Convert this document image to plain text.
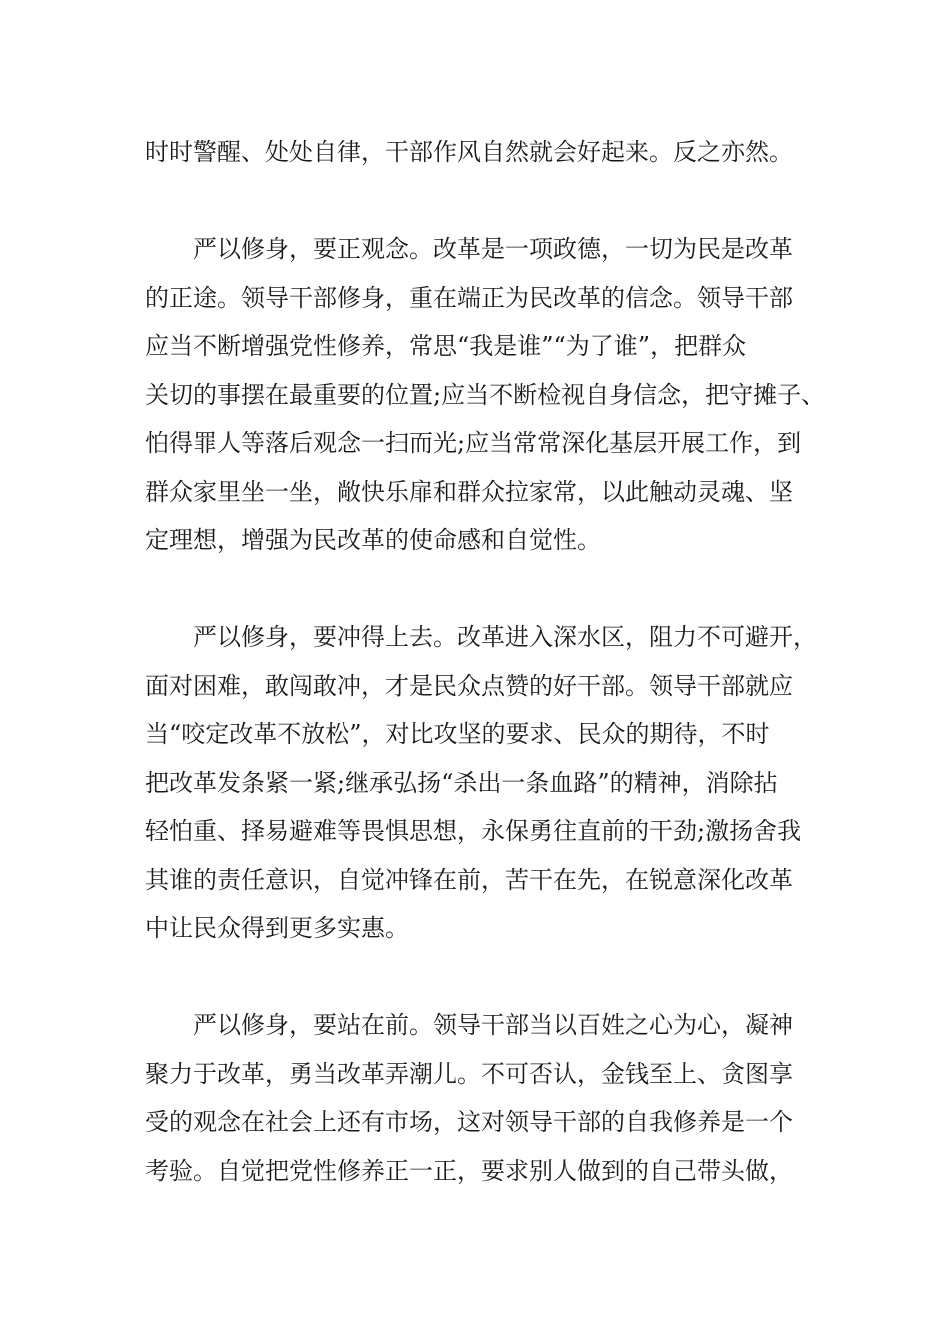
时时警醒、处处自律，干部作风自然就会好起来。反之亦然。
严以修身，要正观念。改革是一项政德，一切为民是改革
的正途。领导干部修身，重在端正为民改革的信念。领导干部
应当不断增强党性修养，常思“我是谁”“为了谁”，把群众
关切的事摆在最重要的位置;应当不断检视自身信念，把守摊子、
怕得罪人等落后观念一扫而光;应当常常深化基层开展工作，到
群众家里坐一坐，敞快乐扉和群众拉家常，以此触动灵魂、坚
定理想，增强为民改革的使命感和自觉性。
严以修身，要冲得上去。改革进入深水区，阻力不可避开，
面对困难，敢闯敢冲，才是民众点赞的好干部。领导干部就应
当“咬定改革不放松”，对比攻坚的要求、民众的期待，不时
把改革发条紧一紧;继承弘扬“杀出一条血路”的精神，消除拈
轻怕重、择易避难等畏惧思想，永保勇往直前的干劲;激扬舍我
其谁的责任意识，自觉冲锋在前，苦干在先，在锐意深化改革
中让民众得到更多实惠。
严以修身，要站在前。领导干部当以百姓之心为心，凝神
聚力于改革，勇当改革弄潮儿。不可否认，金钱至上、贪图享
受的观念在社会上还有市场，这对领导干部的自我修养是一个
考验。自觉把党性修养正一正，要求别人做到的自己带头做，
